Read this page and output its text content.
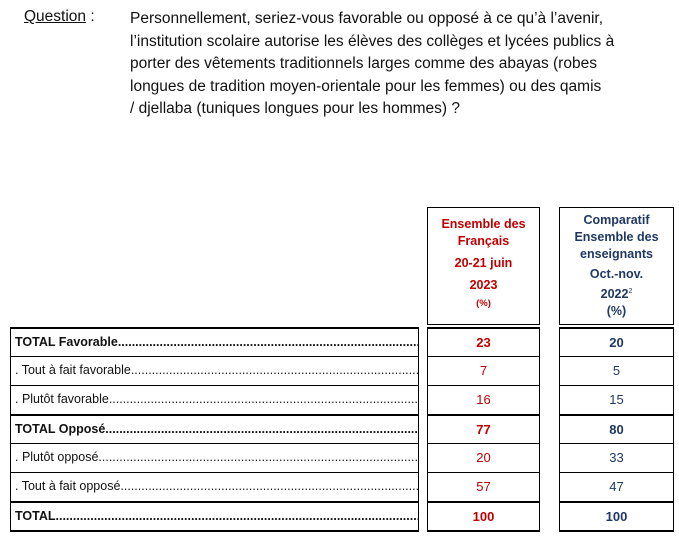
Question : Personnellement, seriez-vous favorable ou opposé à ce qu’à l’avenir,
l’institution scolaire autorise les élèves des collèges et lycées publics à
porter des vêtements traditionnels larges comme des abayas (robes
longues de tradition moyen-orientale pour les femmes) ou des qamis
/ djellaba (tuniques longues pour les hommes) ?
Ensemble des
Français
20-21 juin
2023
(%)
Comparatif
Ensemble des
enseignants
Oct.-nov.
2022$^2$
(%)
TOTAL Favorable .....	23	20
. Tout à fait favorable .....	7	5
. Plutôt favorable .....	16	15
TOTAL Opposé .....	77	80
. Plutôt opposé .....	20	33
. Tout à fait opposé .....	57	47
TOTAL .....	100	100
